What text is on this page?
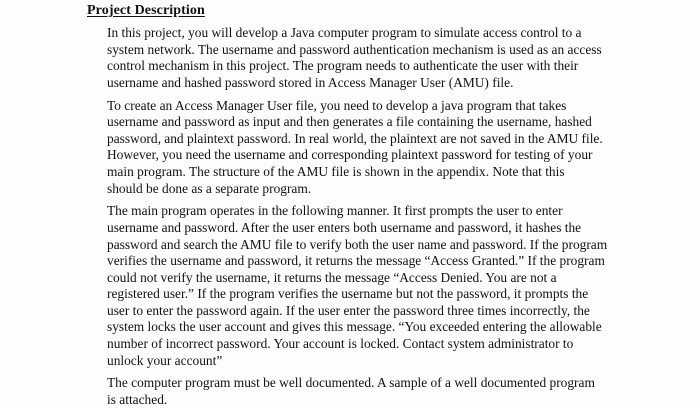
Project Description

In this project, you will develop a Java computer program to simulate access control to a
system network. The username and password authentication mechanism is used as an access
control mechanism in this project. The program needs to authenticate the user with their
username and hashed password stored in Access Manager User (AMU) file.

To create an Access Manager User file, you need to develop a java program that takes
username and password as input and then generates a file containing the username, hashed
password, and plaintext password. In real world, the plaintext are not saved in the AMU file.
However, you need the username and corresponding plaintext password for testing of your
main program. The structure of the AMU file is shown in the appendix. Note that this
should be done as a separate program.

The main program operates in the following manner. It first prompts the user to enter
username and password. After the user enters both username and password, it hashes the
password and search the AMU file to verify both the user name and password. If the program
verifies the username and password, it returns the message “Access Granted.” If the program
could not verify the username, it returns the message “Access Denied. You are not a
registered user.” If the program verifies the username but not the password, it prompts the
user to enter the password again. If the user enter the password three times incorrectly, the
system locks the user account and gives this message. “You exceeded entering the allowable
number of incorrect password. Your account is locked. Contact system administrator to
unlock your account”

The computer program must be well documented. A sample of a well documented program
is attached.
